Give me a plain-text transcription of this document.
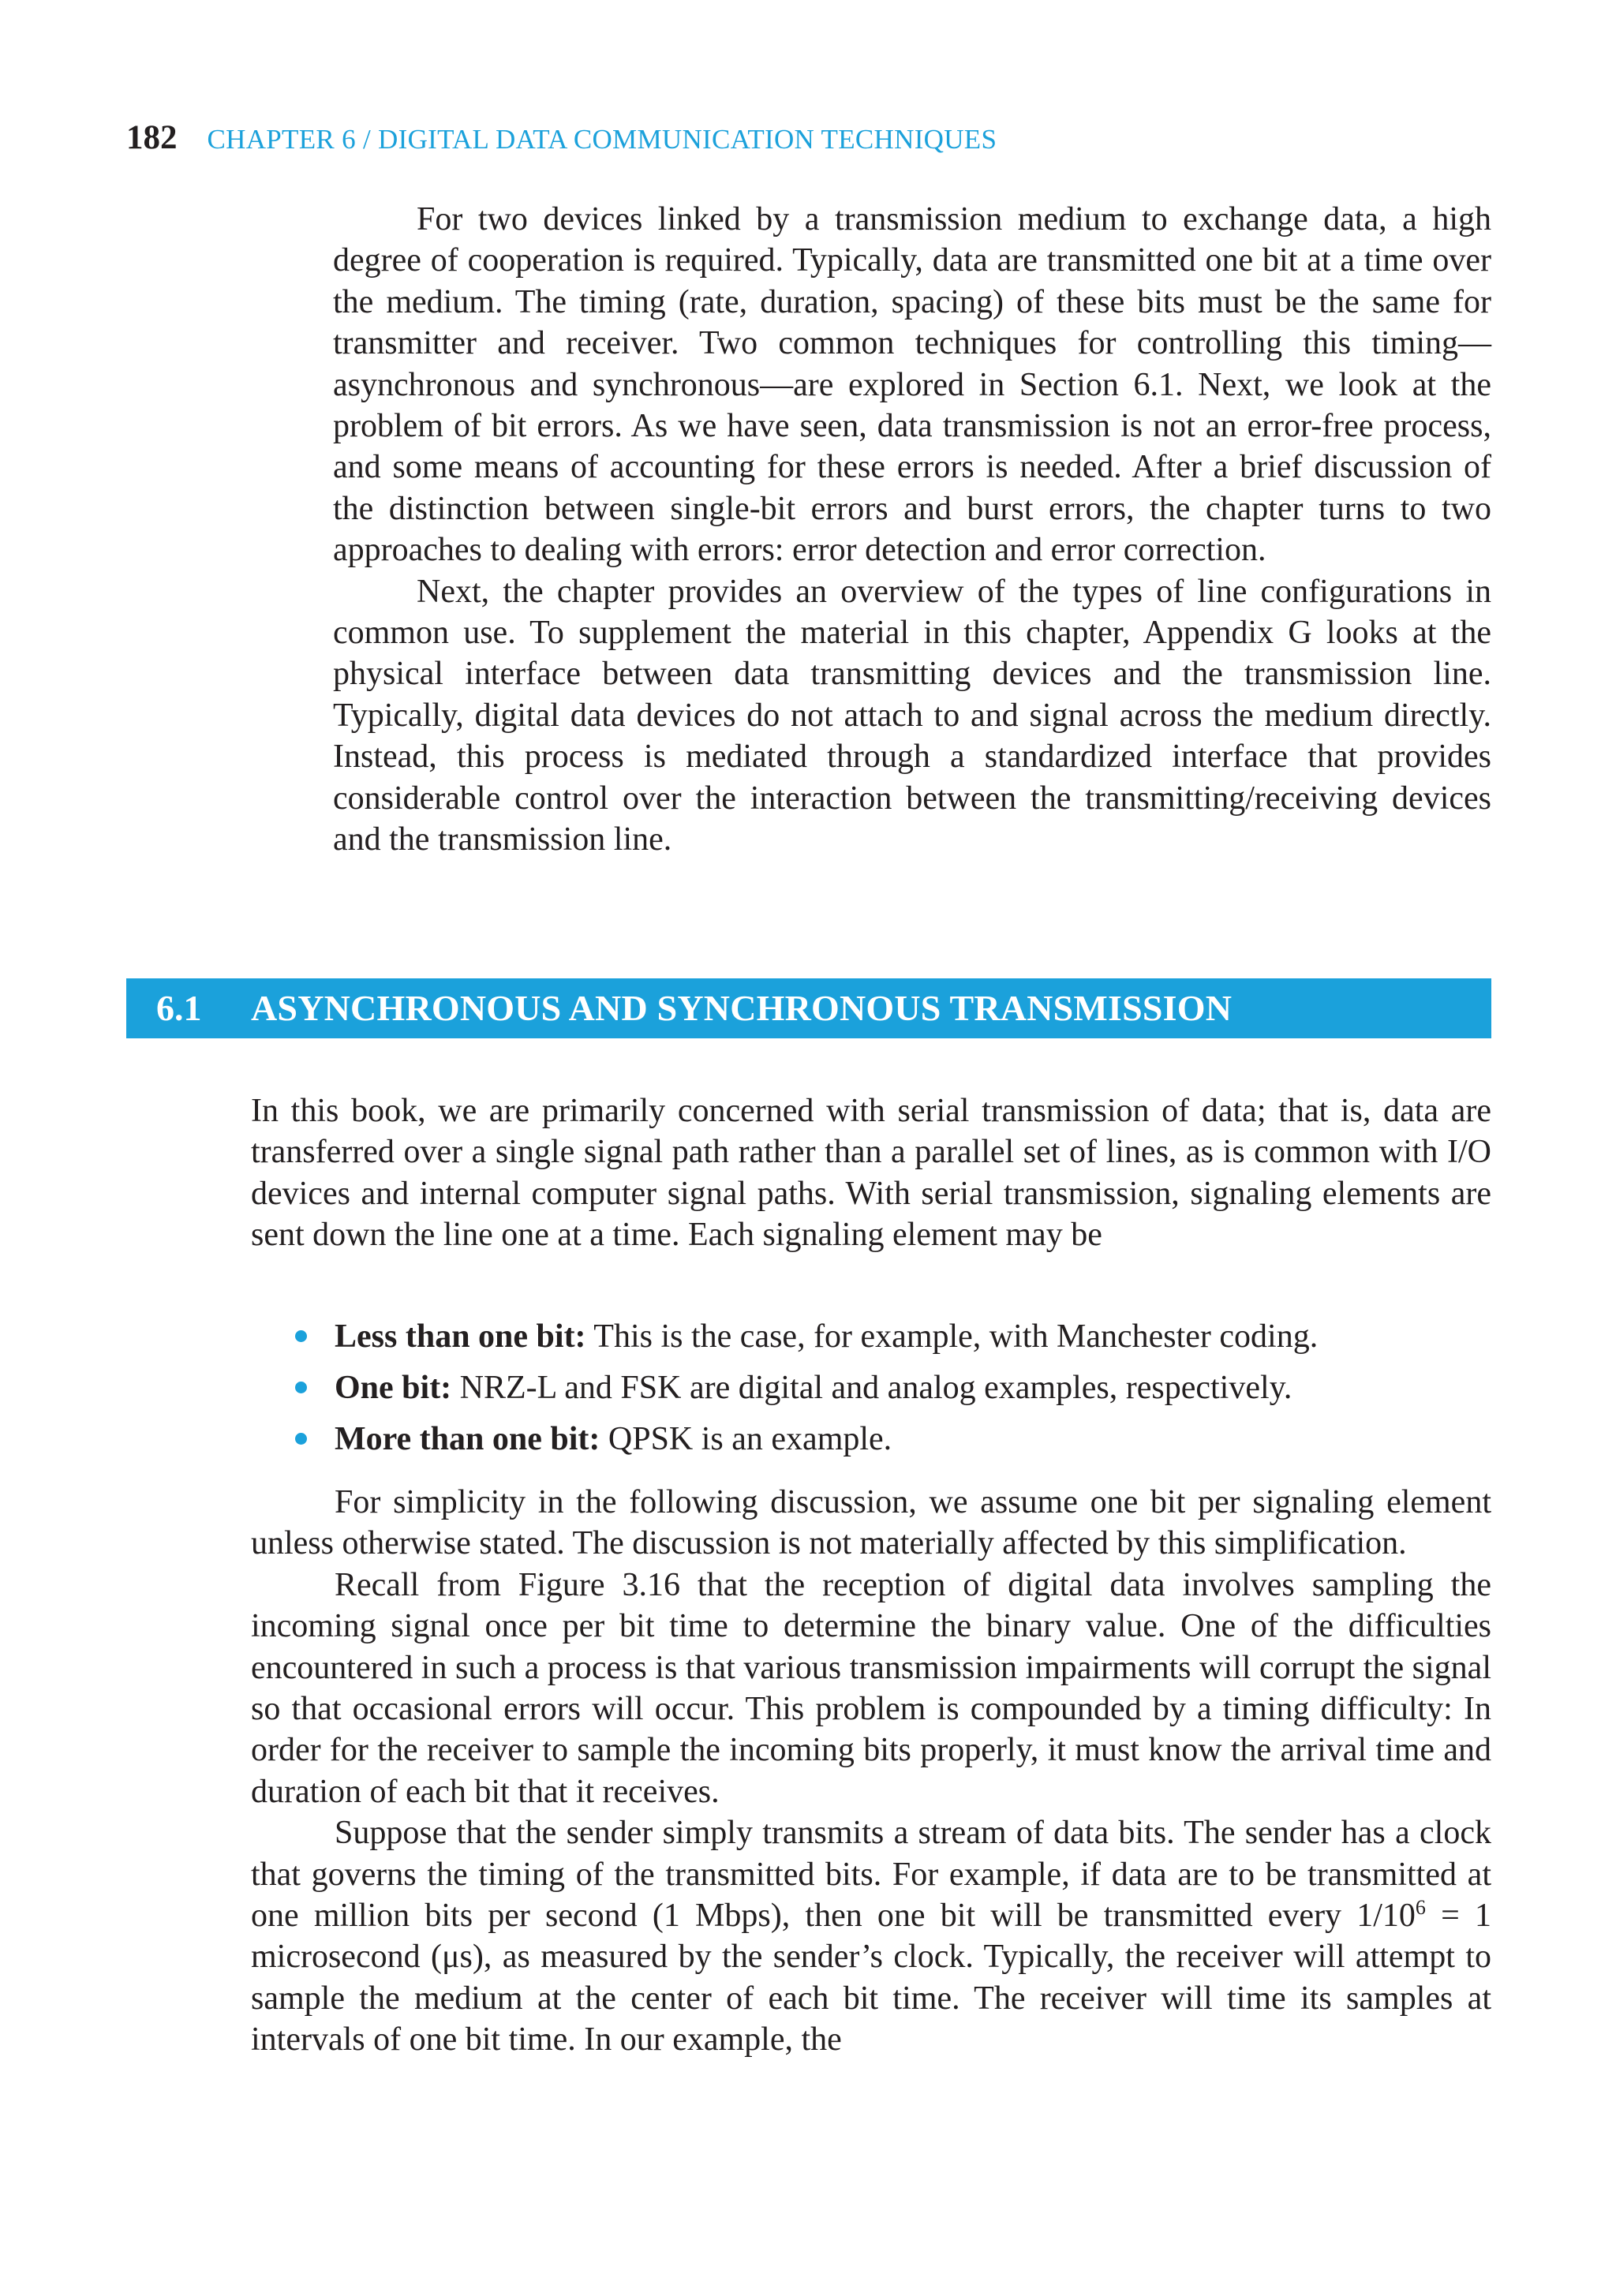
182 CHAPTER 6 / DIGITAL DATA COMMUNICATION TECHNIQUES

For two devices linked by a transmission medium to exchange data, a high degree of cooperation is required. Typically, data are transmitted one bit at a time over the medium. The timing (rate, duration, spacing) of these bits must be the same for transmitter and receiver. Two common techniques for controlling this timing—asynchronous and synchronous—are explored in Section 6.1. Next, we look at the problem of bit errors. As we have seen, data transmission is not an error-free process, and some means of accounting for these errors is needed. After a brief discussion of the distinction between single-bit errors and burst errors, the chapter turns to two approaches to dealing with errors: error detection and error correction.

Next, the chapter provides an overview of the types of line configurations in common use. To supplement the material in this chapter, Appendix G looks at the physical interface between data transmitting devices and the transmission line. Typically, digital data devices do not attach to and signal across the medium directly. Instead, this process is mediated through a standardized interface that provides considerable control over the interaction between the transmitting/receiving devices and the transmission line.

6.1 ASYNCHRONOUS AND SYNCHRONOUS TRANSMISSION

In this book, we are primarily concerned with serial transmission of data; that is, data are transferred over a single signal path rather than a parallel set of lines, as is common with I/O devices and internal computer signal paths. With serial transmission, signaling elements are sent down the line one at a time. Each signaling element may be

Less than one bit: This is the case, for example, with Manchester coding.
One bit: NRZ-L and FSK are digital and analog examples, respectively.
More than one bit: QPSK is an example.

For simplicity in the following discussion, we assume one bit per signaling element unless otherwise stated. The discussion is not materially affected by this simplification.

Recall from Figure 3.16 that the reception of digital data involves sampling the incoming signal once per bit time to determine the binary value. One of the difficulties encountered in such a process is that various transmission impairments will corrupt the signal so that occasional errors will occur. This problem is compounded by a timing difficulty: In order for the receiver to sample the incoming bits properly, it must know the arrival time and duration of each bit that it receives.

Suppose that the sender simply transmits a stream of data bits. The sender has a clock that governs the timing of the transmitted bits. For example, if data are to be transmitted at one million bits per second (1 Mbps), then one bit will be transmitted every $1/10^6 = 1$ microsecond (μs), as measured by the sender’s clock. Typically, the receiver will attempt to sample the medium at the center of each bit time. The receiver will time its samples at intervals of one bit time. In our example, the
